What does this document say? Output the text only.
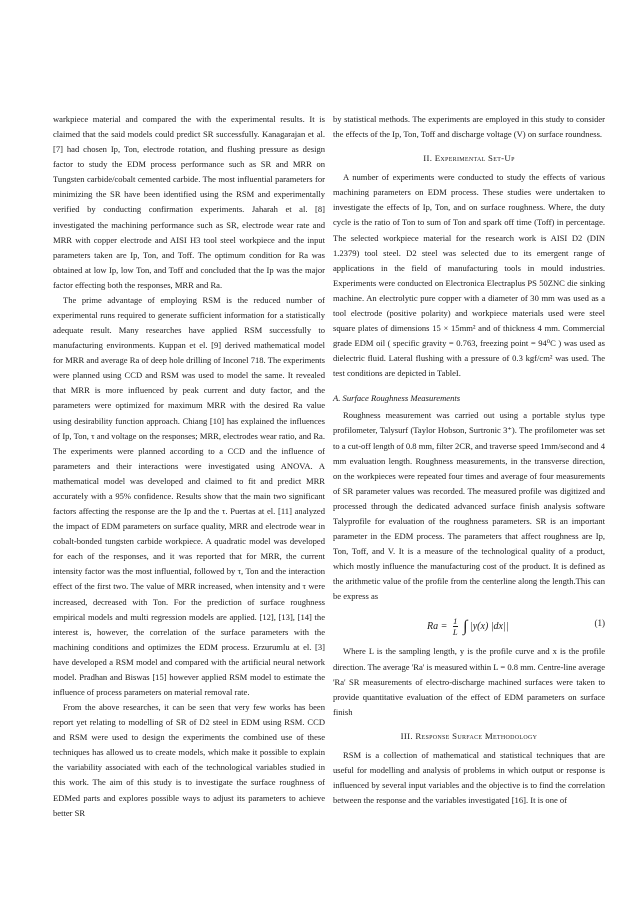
warkpiece material and compared the with the experimental results. It is claimed that the said models could predict SR successfully. Kanagarajan et al. [7] had chosen Ip, Ton, electrode rotation, and flushing pressure as design factor to study the EDM process performance such as SR and MRR on Tungsten carbide/cobalt cemented carbide. The most influential parameters for minimizing the SR have been identified using the RSM and experimentally verified by conducting confirmation experiments. Jaharah et al. [8] investigated the machining performance such as SR, electrode wear rate and MRR with copper electrode and AISI H3 tool steel workpiece and the input parameters taken are Ip, Ton, and Toff. The optimum condition for Ra was obtained at low Ip, low Ton, and Toff and concluded that the Ip was the major factor effecting both the responses, MRR and Ra.

The prime advantage of employing RSM is the reduced number of experimental runs required to generate sufficient information for a statistically adequate result. Many researches have applied RSM successfully to manufacturing environments. Kuppan et el. [9] derived mathematical model for MRR and average Ra of deep hole drilling of Inconel 718. The experiments were planned using CCD and RSM was used to model the same. It revealed that MRR is more influenced by peak current and duty factor, and the parameters were optimized for maximum MRR with the desired Ra value using desirability function approach. Chiang [10] has explained the influences of Ip, Ton, τ and voltage on the responses; MRR, electrodes wear ratio, and Ra. The experiments were planned according to a CCD and the influence of parameters and their interactions were investigated using ANOVA. A mathematical model was developed and claimed to fit and predict MRR accurately with a 95% confidence. Results show that the main two significant factors affecting the response are the Ip and the τ. Puertas at el. [11] analyzed the impact of EDM parameters on surface quality, MRR and electrode wear in cobalt-bonded tungsten carbide workpiece. A quadratic model was developed for each of the responses, and it was reported that for MRR, the current intensity factor was the most influential, followed by τ, Ton and the interaction effect of the first two. The value of MRR increased, when intensity and τ were increased, decreased with Ton. For the prediction of surface roughness empirical models and multi regression models are applied. [12], [13], [14] the interest is, however, the correlation of the surface parameters with the machining conditions and optimizes the EDM process. Erzurumlu at el. [3] have developed a RSM model and compared with the artificial neural network model. Pradhan and Biswas [15] however applied RSM model to estimate the influence of process parameters on material removal rate.

From the above researches, it can be seen that very few works has been report yet relating to modelling of SR of D2 steel in EDM using RSM. CCD and RSM were used to design the experiments the combined use of these techniques has allowed us to create models, which make it possible to explain the variability associated with each of the technological variables studied in this work. The aim of this study is to investigate the surface roughness of EDMed parts and explores possible ways to adjust its parameters to achieve better SR

by statistical methods. The experiments are employed in this study to consider the effects of the Ip, Ton, Toff and discharge voltage (V) on surface roundness.

II. Experimental Set-Up

A number of experiments were conducted to study the effects of various machining parameters on EDM process. These studies were undertaken to investigate the effects of Ip, Ton, and on surface roughness. Where, the duty cycle is the ratio of Ton to sum of Ton and spark off time (Toff) in percentage. The selected workpiece material for the research work is AISI D2 (DIN 1.2379) tool steel. D2 steel was selected due to its emergent range of applications in the field of manufacturing tools in mould industries. Experiments were conducted on Electronica Electraplus PS 50ZNC die sinking machine. An electrolytic pure copper with a diameter of 30 mm was used as a tool electrode (positive polarity) and workpiece materials used were steel square plates of dimensions 15 × 15mm² and of thickness 4 mm. Commercial grade EDM oil ( specific gravity = 0.763, freezing point = 94⁰C ) was used as dielectric fluid. Lateral flushing with a pressure of 0.3 kgf/cm² was used. The test conditions are depicted in TableI.

A. Surface Roughness Measurements

Roughness measurement was carried out using a portable stylus type profilometer, Talysurf (Taylor Hobson, Surtronic 3⁺). The profilometer was set to a cut-off length of 0.8 mm, filter 2CR, and traverse speed 1mm/second and 4 mm evaluation length. Roughness measurements, in the transverse direction, on the workpieces were repeated four times and average of four measurements of SR parameter values was recorded. The measured profile was digitized and processed through the dedicated advanced surface finish analysis software Talyprofile for evaluation of the roughness parameters. SR is an important parameter in the EDM process. The parameters that affect roughness are Ip, Ton, Toff, and V. It is a measure of the technological quality of a product, which mostly influence the manufacturing cost of the product. It is defined as the arithmetic value of the profile from the centerline along the length.This can be express as

$Ra = \frac{1}{L}$ ∫ |y(x) |dx||	(1)

Where L is the sampling length, y is the profile curve and x is the profile direction. The average 'Ra' is measured within L = 0.8 mm. Centre-line average 'Ra' SR measurements of electro-discharge machined surfaces were taken to provide quantitative evaluation of the effect of EDM parameters on surface finish

III. Response Surface Methodology

RSM is a collection of mathematical and statistical techniques that are useful for modelling and analysis of problems in which output or response is influenced by several input variables and the objective is to find the correlation between the response and the variables investigated [16]. It is one of
